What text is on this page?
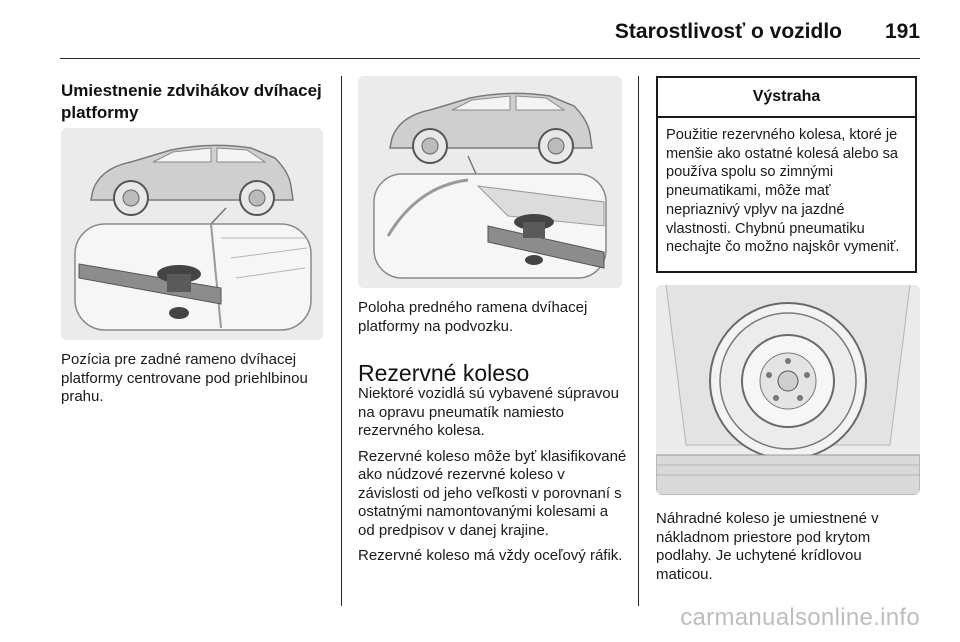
Starostlivosť o vozidlo 191
Umiestnenie zdvihákov dvíhacej platformy
Pozícia pre zadné rameno dvíhacej platformy centrovane pod priehlbinou prahu.
Poloha predného ramena dvíhacej platformy na podvozku.
Rezervné koleso

Niektoré vozidlá sú vybavené súpravou na opravu pneumatík namiesto rezervného kolesa.

Rezervné koleso môže byť klasifikované ako núdzové rezervné koleso v závislosti od jeho veľkosti v porovnaní s ostatnými namontovanými kolesami a od predpisov v danej krajine.

Rezervné koleso má vždy oceľový ráfik.

Výstraha
Použitie rezervného kolesa, ktoré je menšie ako ostatné kolesá alebo sa používa spolu so zimnými pneumatikami, môže mať nepriaznivý vplyv na jazdné vlastnosti. Chybnú pneumatiku nechajte čo možno najskôr vymeniť.
Náhradné koleso je umiestnené v nákladnom priestore pod krytom podlahy. Je uchytené krídlovou maticou.
carmanualsonline.info
